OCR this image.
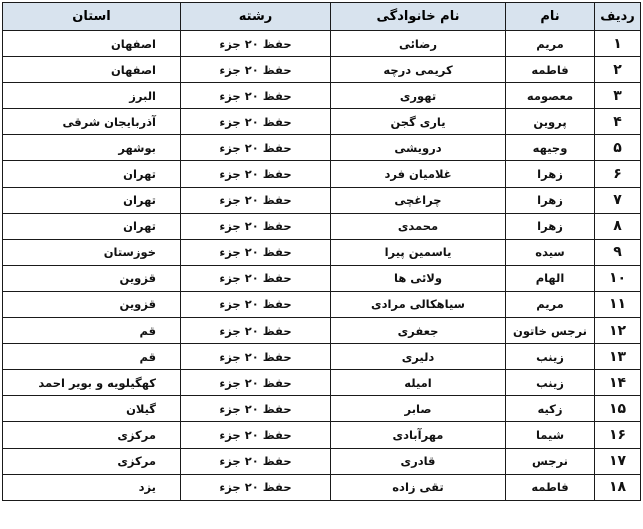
ردیف	نام	نام خانوادگی	رشته	استان
۱	مریم	رضائی	حفظ ۲۰ جزء	اصفهان
۲	فاطمه	کریمی درچه	حفظ ۲۰ جزء	اصفهان
۳	معصومه	تهوری	حفظ ۲۰ جزء	البرز
۴	پروین	یاری گجن	حفظ ۲۰ جزء	آذربایجان شرقی
۵	وجیهه	درویشی	حفظ ۲۰ جزء	بوشهر
۶	زهرا	غلامیان فرد	حفظ ۲۰ جزء	تهران
۷	زهرا	چراغچی	حفظ ۲۰ جزء	تهران
۸	زهرا	محمدی	حفظ ۲۰ جزء	تهران
۹	سیده	یاسمین پیرا	حفظ ۲۰ جزء	خوزستان
۱۰	الهام	ولائی ها	حفظ ۲۰ جزء	قزوین
۱۱	مریم	سیاهکالی مرادی	حفظ ۲۰ جزء	قزوین
۱۲	نرجس خاتون	جعفری	حفظ ۲۰ جزء	قم
۱۳	زینب	دلیری	حفظ ۲۰ جزء	قم
۱۴	زینب	امیله	حفظ ۲۰ جزء	کهگیلویه و بویر احمد
۱۵	زکیه	صابر	حفظ ۲۰ جزء	گیلان
۱۶	شیما	مهرآبادی	حفظ ۲۰ جزء	مرکزی
۱۷	نرجس	قادری	حفظ ۲۰ جزء	مرکزی
۱۸	فاطمه	تقی زاده	حفظ ۲۰ جزء	یزد
